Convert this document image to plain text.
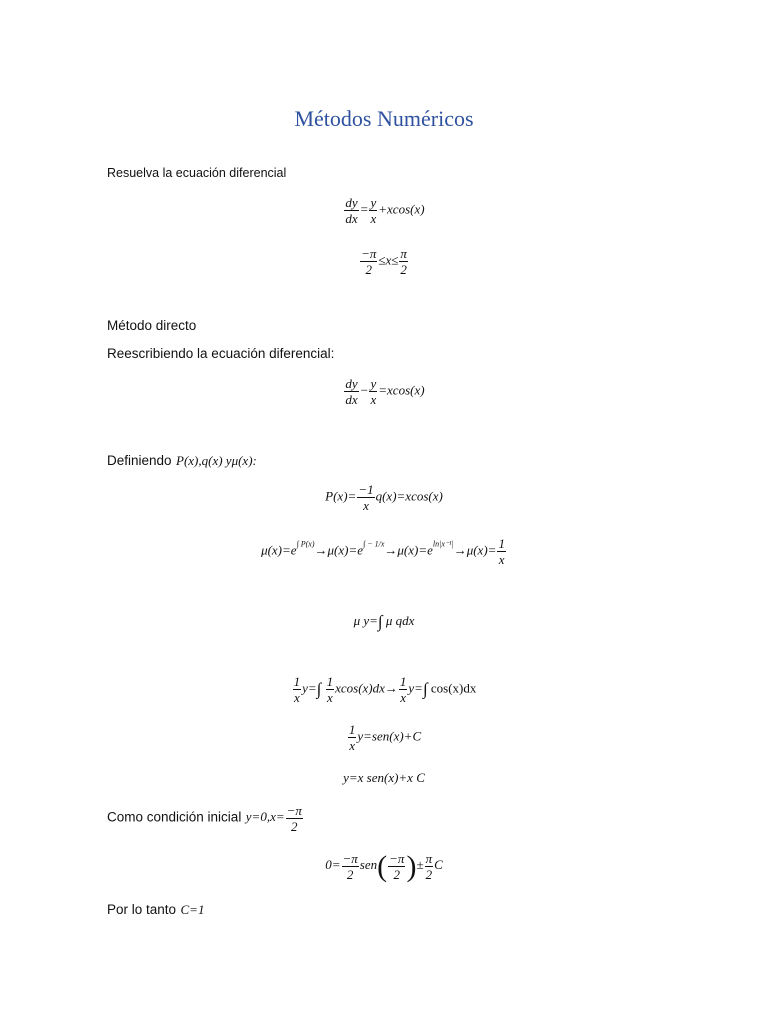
Métodos Numéricos
Resuelva la ecuación diferencial
$\frac{dy}{dx} = \frac{y}{x} +xcos(x)$
$\frac{-\pi}{2} \le x\le \frac{\pi}{2}$
Método directo
Reescribiendo la ecuación diferencial:
$\frac{dy}{dx} - \frac{y}{x} =xcos(x)$
Definiendo P(x),q(x) yμ(x):
$P(x)= \frac{-1}{x} q(x)=xcos(x)$
$\mu(x)=e^{\int P(x)}\to\mu(x)=e^{\int - 1/x}\to\mu(x)=e^{ln|x^{-1}|}\to\mu(x)= \frac{1}{x}$
μ y=∫ μ qdx
$\frac{1}{x} y=\int \frac{1}{x} xcos(x)dx\to \frac{1}{x} y=\int$ cos(x)dx
$\frac{1}{x} y=sen(x)+C$
y=x sen(x)+x C
Como condición inicial $y=0,x= \frac{-\pi}{2}$
$0= \frac{-\pi}{2} sen( \frac{-\pi}{2}$ )± $\frac{\pi}{2}$ C
Por lo tanto C=1
